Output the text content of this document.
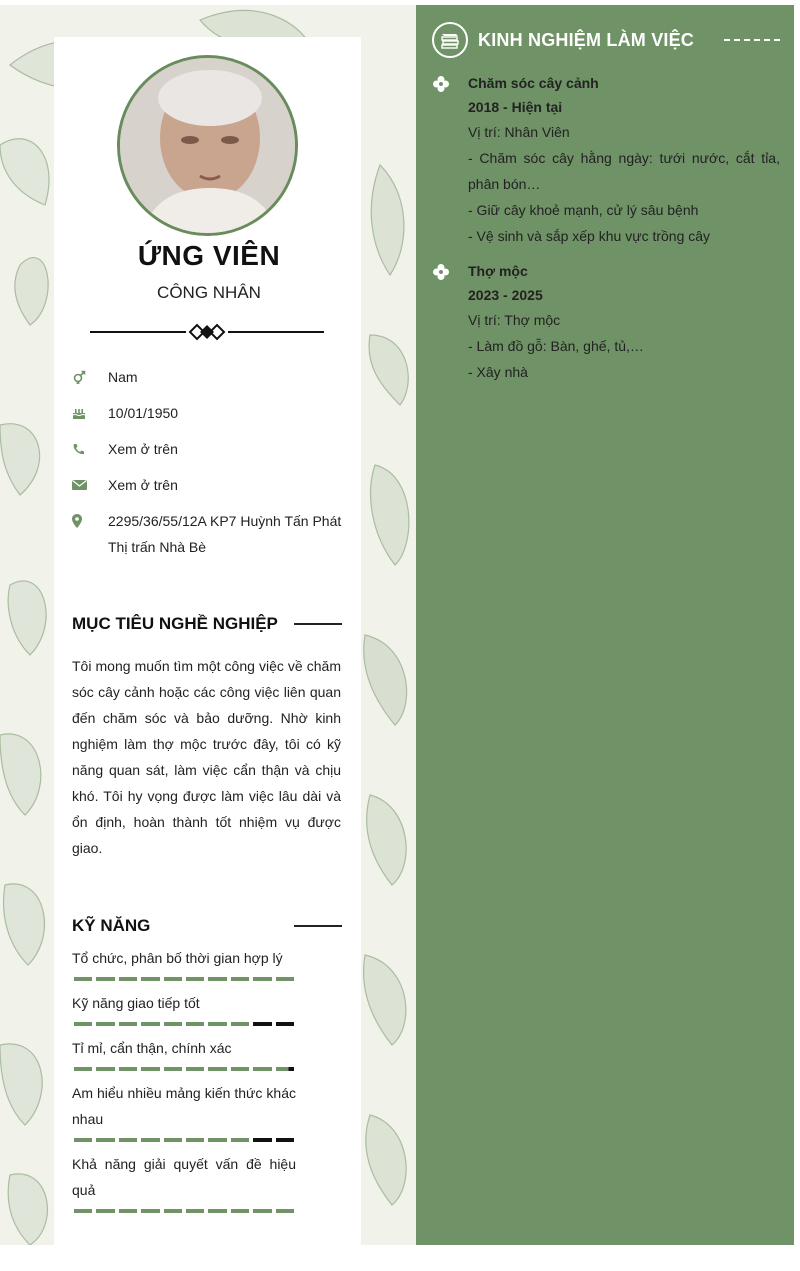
ỨNG VIÊN
CÔNG NHÂN
Nam
10/01/1950
Xem ở trên
Xem ở trên
2295/36/55/12A KP7 Huỳnh Tấn Phát Thị trấn Nhà Bè
MỤC TIÊU NGHỀ NGHIỆP
Tôi mong muốn tìm một công việc về chăm sóc cây cảnh hoặc các công việc liên quan đến chăm sóc và bảo dưỡng. Nhờ kinh nghiệm làm thợ mộc trước đây, tôi có kỹ năng quan sát, làm việc cẩn thận và chịu khó. Tôi hy vọng được làm việc lâu dài và ổn định, hoàn thành tốt nhiệm vụ được giao.
KỸ NĂNG
Tổ chức, phân bố thời gian hợp lý
Kỹ năng giao tiếp tốt
Tỉ mỉ, cẩn thận, chính xác
Am hiểu nhiều mảng kiến thức khác nhau
Khả năng giải quyết vấn đề hiệu quả
KINH NGHIỆM LÀM VIỆC
Chăm sóc cây cảnh
2018 - Hiện tại

Vị trí: Nhân Viên

- Chăm sóc cây hằng ngày: tưới nước, cắt tỉa, phân bón…

- Giữ cây khoẻ mạnh, cử lý sâu bệnh

- Vệ sinh và sắp xếp khu vực trồng cây

Thợ mộc
2023 - 2025

Vị trí: Thợ mộc

- Làm đồ gỗ: Bàn, ghế, tủ,…

- Xây nhà
